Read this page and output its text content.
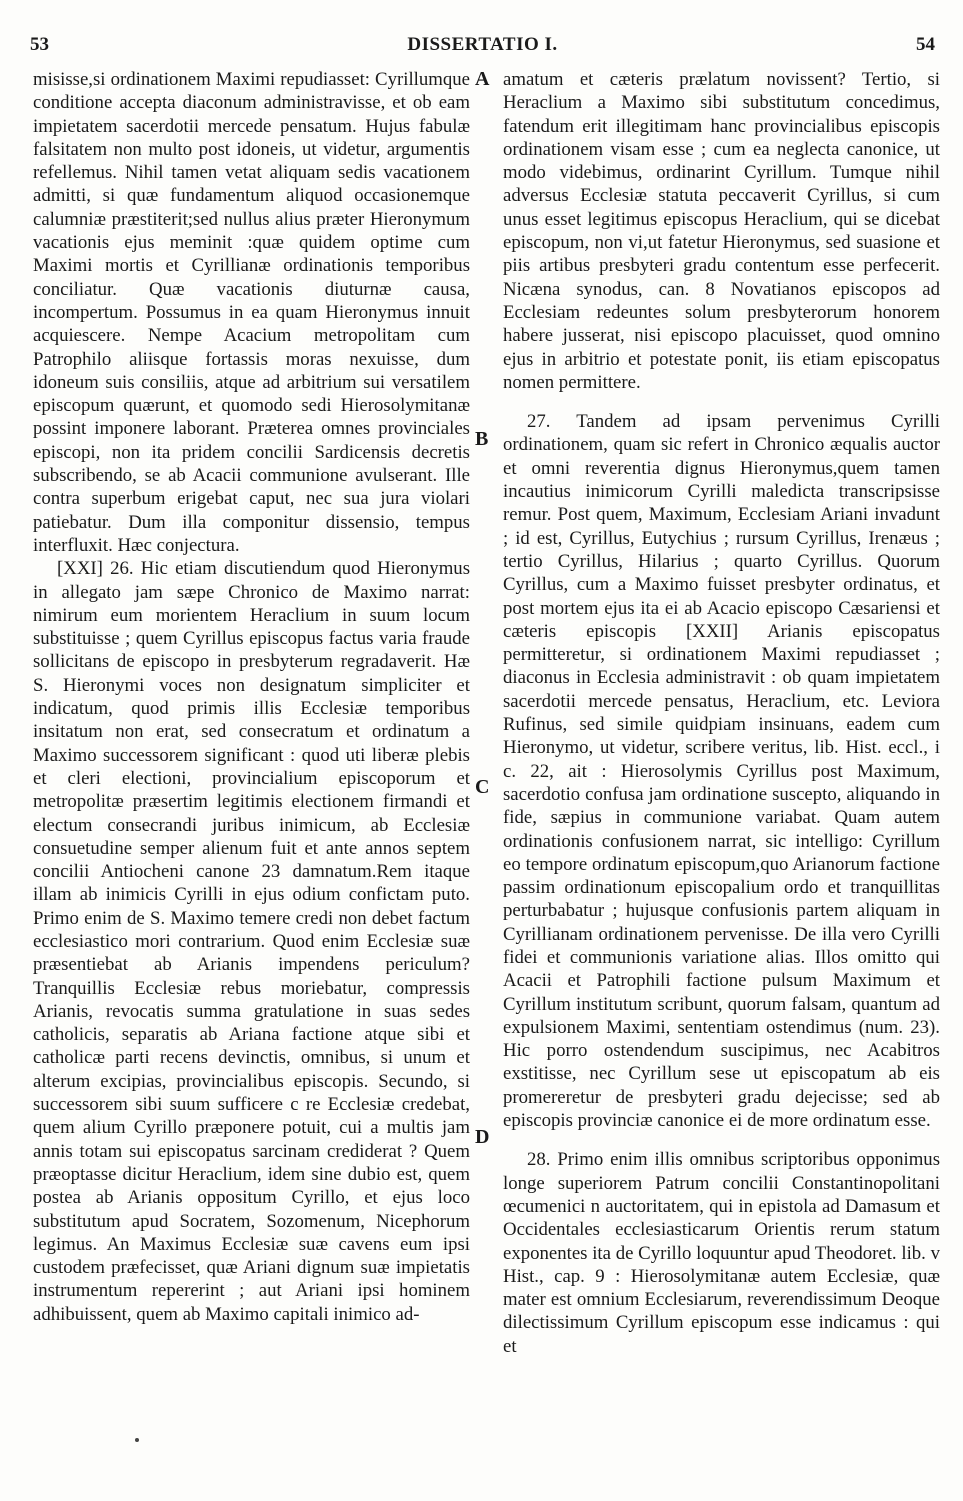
53	DISSERTATIO I.	54

misisse,si ordinationem Maximi repudiasset: Cyrillumque conditione accepta diaconum administravisse, et ob eam impietatem sacerdotii mercede pensatum. Hujus fabulæ falsitatem non multo post idoneis, ut videtur, argumentis refellemus. Nihil tamen vetat aliquam sedis vacationem admitti, si quæ fundamentum aliquod occasionemque calumniæ præstiterit;sed nullus alius præter Hieronymum vacationis ejus meminit :quæ quidem optime cum Maximi mortis et Cyrillianæ ordinationis temporibus conciliatur. Quæ vacationis diuturnæ causa, incompertum. Possumus in ea quam Hieronymus innuit acquiescere. Nempe Acacium metropolitam cum Patrophilo aliisque fortassis moras nexuisse, dum idoneum suis consiliis, atque ad arbitrium sui versatilem episcopum quærunt, et quomodo sedi Hierosolymitanæ possint imponere laborant. Præterea omnes provinciales episcopi, non ita pridem concilii Sardicensis decretis subscribendo, se ab Acacii communione avulserant. Ille contra superbum erigebat caput, nec sua jura violari patiebatur. Dum illa componitur dissensio, tempus interfluxit. Hæc conjectura.

[XXI] 26. Hic etiam discutiendum quod Hieronymus in allegato jam sæpe Chronico de Maximo narrat: nimirum eum morientem Heraclium in suum locum substituisse ; quem Cyrillus episcopus factus varia fraude sollicitans de episcopo in presbyterum regradaverit. Hæ S. Hieronymi voces non designatum simpliciter et indicatum, quod primis illis Ecclesiæ temporibus insitatum non erat, sed consecratum et ordinatum a Maximo successorem significant : quod uti liberæ plebis et cleri electioni, provincialium episcoporum et metropolitæ præsertim legitimis electionem firmandi et electum consecrandi juribus inimicum, ab Ecclesiæ consuetudine semper alienum fuit et ante annos septem concilii Antiocheni canone 23 damnatum.Rem itaque illam ab inimicis Cyrilli in ejus odium confictam puto. Primo enim de S. Maximo temere credi non debet factum ecclesiastico mori contrarium. Quod enim Ecclesiæ suæ præsentiebat ab Arianis impendens periculum? Tranquillis Ecclesiæ rebus moriebatur, compressis Arianis, revocatis summa gratulatione in suas sedes catholicis, separatis ab Ariana factione atque sibi et catholicæ parti recens devinctis, omnibus, si unum et alterum excipias, provincialibus episcopis. Secundo, si successorem sibi suum sufficere c re Ecclesiæ credebat, quem alium Cyrillo præponere potuit, cui a multis jam annis totam sui episcopatus sarcinam crediderat ? Quem præoptasse dicitur Heraclium, idem sine dubio est, quem postea ab Arianis oppositum Cyrillo, et ejus loco substitutum apud Socratem, Sozomenum, Nicephorum legimus. An Maximus Ecclesiæ suæ cavens eum ipsi custodem præfecisset, quæ Ariani dignum suæ impietatis instrumentum repererint ; aut Ariani ipsi hominem adhibuissent, quem ab Maximo capitali inimico ad-

A
B
C
D

amatum et cæteris prælatum novissent? Tertio, si Heraclium a Maximo sibi substitutum concedimus, fatendum erit illegitimam hanc provincialibus episcopis ordinationem visam esse ; cum ea neglecta canonice, ut modo videbimus, ordinarint Cyrillum. Tumque nihil adversus Ecclesiæ statuta peccaverit Cyrillus, si cum unus esset legitimus episcopus Heraclium, qui se dicebat episcopum, non vi,ut fatetur Hieronymus, sed suasione et piis artibus presbyteri gradu contentum esse perfecerit. Nicæna synodus, can. 8 Novatianos episcopos ad Ecclesiam redeuntes solum presbyterorum honorem habere jusserat, nisi episcopo placuisset, quod omnino ejus in arbitrio et potestate ponit, iis etiam episcopatus nomen permittere.

27. Tandem ad ipsam pervenimus Cyrilli ordinationem, quam sic refert in Chronico æqualis auctor et omni reverentia dignus Hieronymus,quem tamen incautius inimicorum Cyrilli maledicta transcripsisse remur. Post quem, Maximum, Ecclesiam Ariani invadunt ; id est, Cyrillus, Eutychius ; rursum Cyrillus, Irenæus ; tertio Cyrillus, Hilarius ; quarto Cyrillus. Quorum Cyrillus, cum a Maximo fuisset presbyter ordinatus, et post mortem ejus ita ei ab Acacio episcopo Cæsariensi et cæteris episcopis [XXII] Arianis episcopatus permitteretur, si ordinationem Maximi repudiasset ; diaconus in Ecclesia administravit : ob quam impietatem sacerdotii mercede pensatus, Heraclium, etc. Leviora Rufinus, sed simile quidpiam insinuans, eadem cum Hieronymo, ut videtur, scribere veritus, lib. Hist. eccl., i c. 22, ait : Hierosolymis Cyrillus post Maximum, sacerdotio confusa jam ordinatione suscepto, aliquando in fide, sæpius in communione variabat. Quam autem ordinationis confusionem narrat, sic intelligo: Cyrillum eo tempore ordinatum episcopum,quo Arianorum factione passim ordinationum episcopalium ordo et tranquillitas perturbabatur ; hujusque confusionis partem aliquam in Cyrillianam ordinationem pervenisse. De illa vero Cyrilli fidei et communionis variatione alias. Illos omitto qui Acacii et Patrophili factione pulsum Maximum et Cyrillum institutum scribunt, quorum falsam, quantum ad expulsionem Maximi, sententiam ostendimus (num. 23). Hic porro ostendendum suscipimus, nec Acabitros exstitisse, nec Cyrillum sese ut episcopatum ab eis promereretur de presbyteri gradu dejecisse; sed ab episcopis provinciæ canonice ei de more ordinatum esse.

28. Primo enim illis omnibus scriptoribus opponimus longe superiorem Patrum concilii Constantinopolitani œcumenici n auctoritatem, qui in epistola ad Damasum et Occidentales ecclesiasticarum Orientis rerum statum exponentes ita de Cyrillo loquuntur apud Theodoret. lib. v Hist., cap. 9 : Hierosolymitanæ autem Ecclesiæ, quæ mater est omnium Ecclesiarum, reverendissimum Deoque dilectissimum Cyrillum episcopum esse indicamus : qui et
